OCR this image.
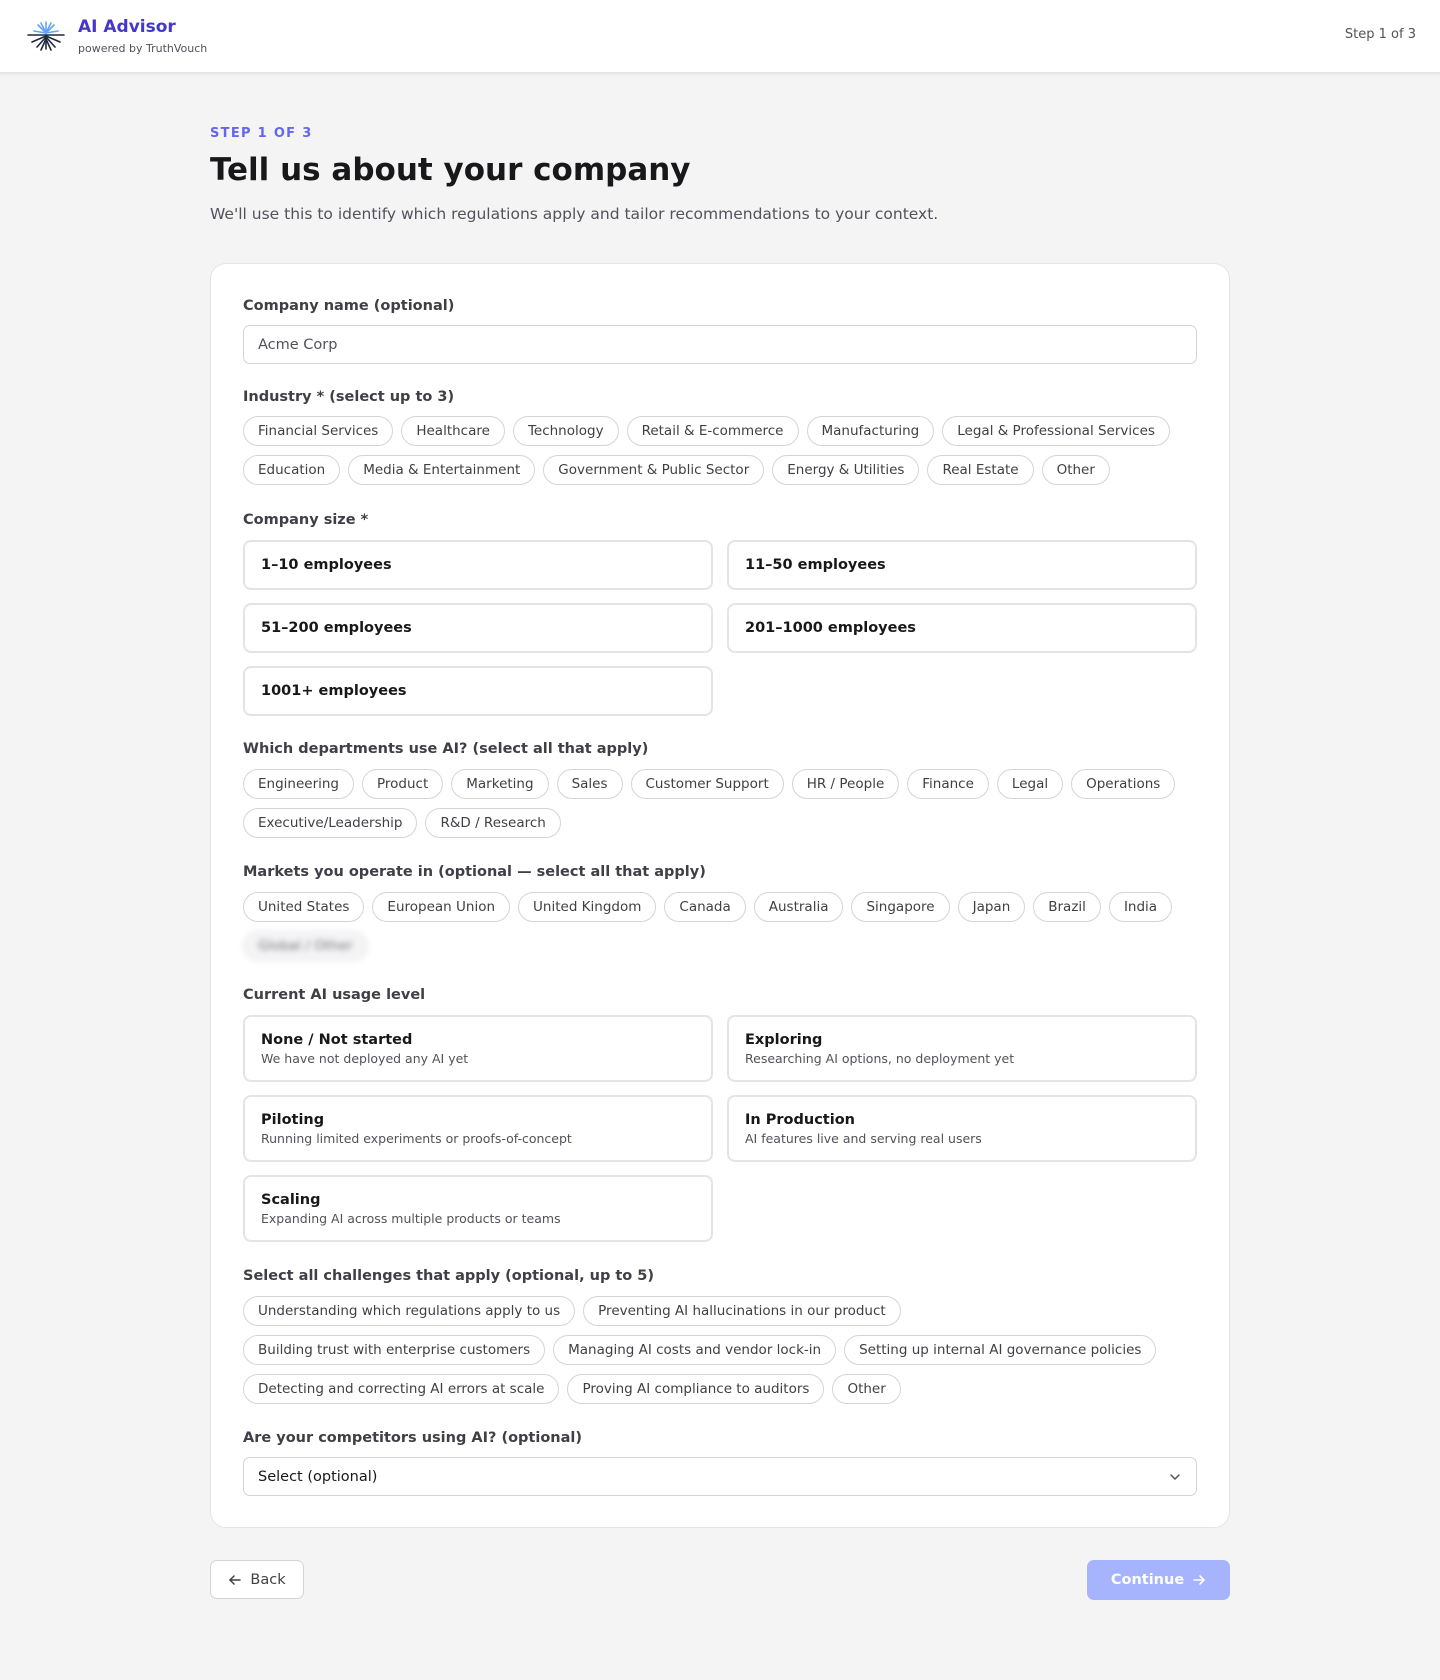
AI Advisor
powered by TruthVouch
Step 1 of 3
STEP 1 OF 3
Tell us about your company
We'll use this to identify which regulations apply and tailor recommendations to your context.
Company name (optional)
Acme Corp
Industry * (select up to 3)
Financial Services	Healthcare	Technology	Retail & E-commerce	Manufacturing	Legal & Professional Services
Education	Media & Entertainment	Government & Public Sector	Energy & Utilities	Real Estate	Other
Company size *
1–10 employees	11–50 employees
51–200 employees	201–1000 employees
1001+ employees
Which departments use AI? (select all that apply)
Engineering	Product	Marketing	Sales	Customer Support	HR / People	Finance	Legal	Operations
Executive/Leadership	R&D / Research
Markets you operate in (optional — select all that apply)
United States	European Union	United Kingdom	Canada	Australia	Singapore	Japan	Brazil	India
Global / Other
Current AI usage level
None / Not started
We have not deployed any AI yet
Exploring
Researching AI options, no deployment yet
Piloting
Running limited experiments or proofs-of-concept
In Production
AI features live and serving real users
Scaling
Expanding AI across multiple products or teams
Select all challenges that apply (optional, up to 5)
Understanding which regulations apply to us	Preventing AI hallucinations in our product
Building trust with enterprise customers	Managing AI costs and vendor lock-in	Setting up internal AI governance policies
Detecting and correcting AI errors at scale	Proving AI compliance to auditors	Other
Are your competitors using AI? (optional)
Select (optional)
Back	Continue
